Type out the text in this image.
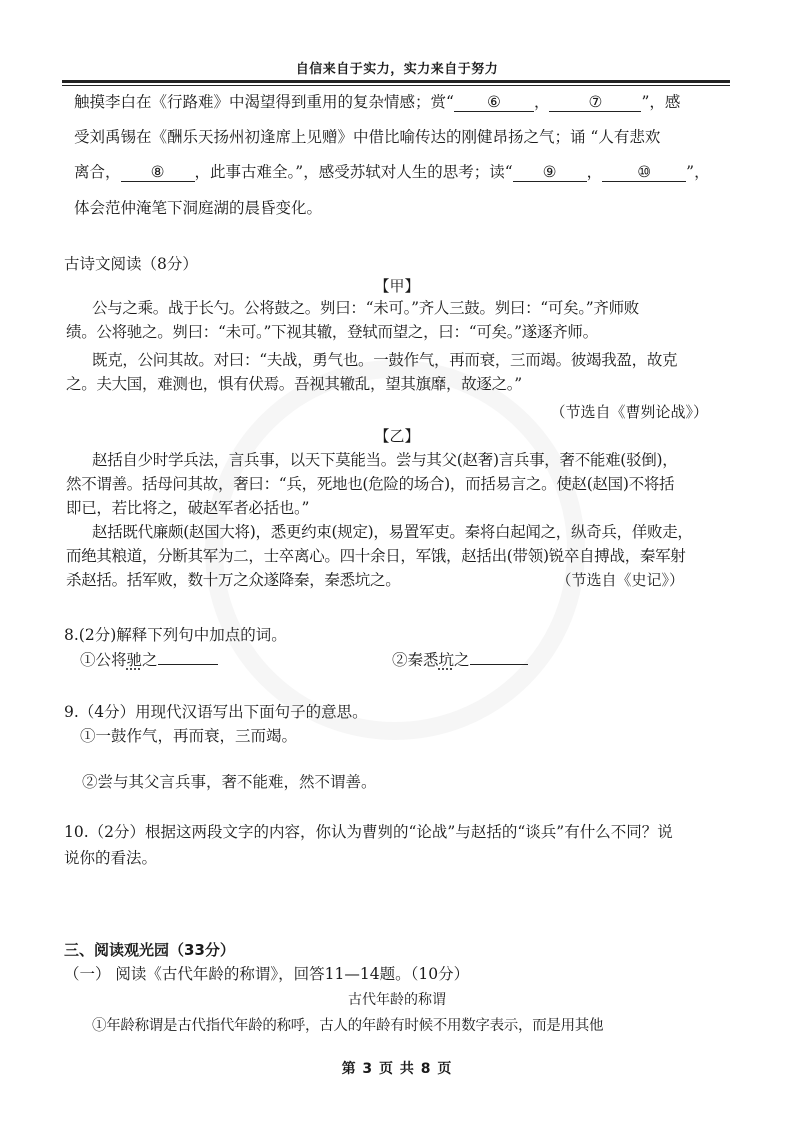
自信来自于实力，实力来自于努力
触摸李白在《行路难》中渴望得到重用的复杂情感；赏“ ⑥ ，	⑦	”，感
受刘禹锡在《酬乐天扬州初逢席上见赠》中借比喻传达的刚健昂扬之气；诵 “人有悲欢
离合， ⑧ ，此事古难全。”，感受苏轼对人生的思考；读“ ⑨ ， ⑩ ”，
体会范仲淹笔下洞庭湖的晨昏变化。
古诗文阅读（8分）
【甲】
公与之乘。战于长勺。公将鼓之。刿曰：“未可。”齐人三鼓。刿曰：“可矣。”齐师败
绩。公将驰之。刿曰：“未可。”下视其辙，登轼而望之，曰：“可矣。”遂逐齐师。
既克，公问其故。对曰：“夫战，勇气也。一鼓作气，再而衰，三而竭。彼竭我盈，故克
之。夫大国，难测也，惧有伏焉。吾视其辙乱，望其旗靡，故逐之。”
（节选自《曹刿论战》）
【乙】
赵括自少时学兵法，言兵事，以天下莫能当。尝与其父(赵奢)言兵事，奢不能难(驳倒)，
然不谓善。括母问其故，奢曰：“兵，死地也(危险的场合)，而括易言之。使赵(赵国)不将括
即已，若比将之，破赵军者必括也。”
赵括既代廉颇(赵国大将)，悉更约束(规定)，易置军吏。秦将白起闻之，纵奇兵，佯败走，
而绝其粮道，分断其军为二，士卒离心。四十余日，军饿，赵括出(带领)锐卒自搏战，秦军射
杀赵括。括军败，数十万之众遂降秦，秦悉坑之。	（节选自《史记》）
8.(2分)解释下列句中加点的词。
①公将驰之	②秦悉坑之
9.（4分）用现代汉语写出下面句子的意思。
①一鼓作气，再而衰，三而竭。
②尝与其父言兵事，奢不能难，然不谓善。
10.（2分）根据这两段文字的内容，你认为曹刿的“论战”与赵括的“谈兵”有什么不同？说
说你的看法。
三、阅读观光园（33分）
（一） 阅读《古代年龄的称谓》，回答11—14题。（10分）
古代年龄的称谓
①年龄称谓是古代指代年龄的称呼，古人的年龄有时候不用数字表示，而是用其他
第 3 页 共 8 页
